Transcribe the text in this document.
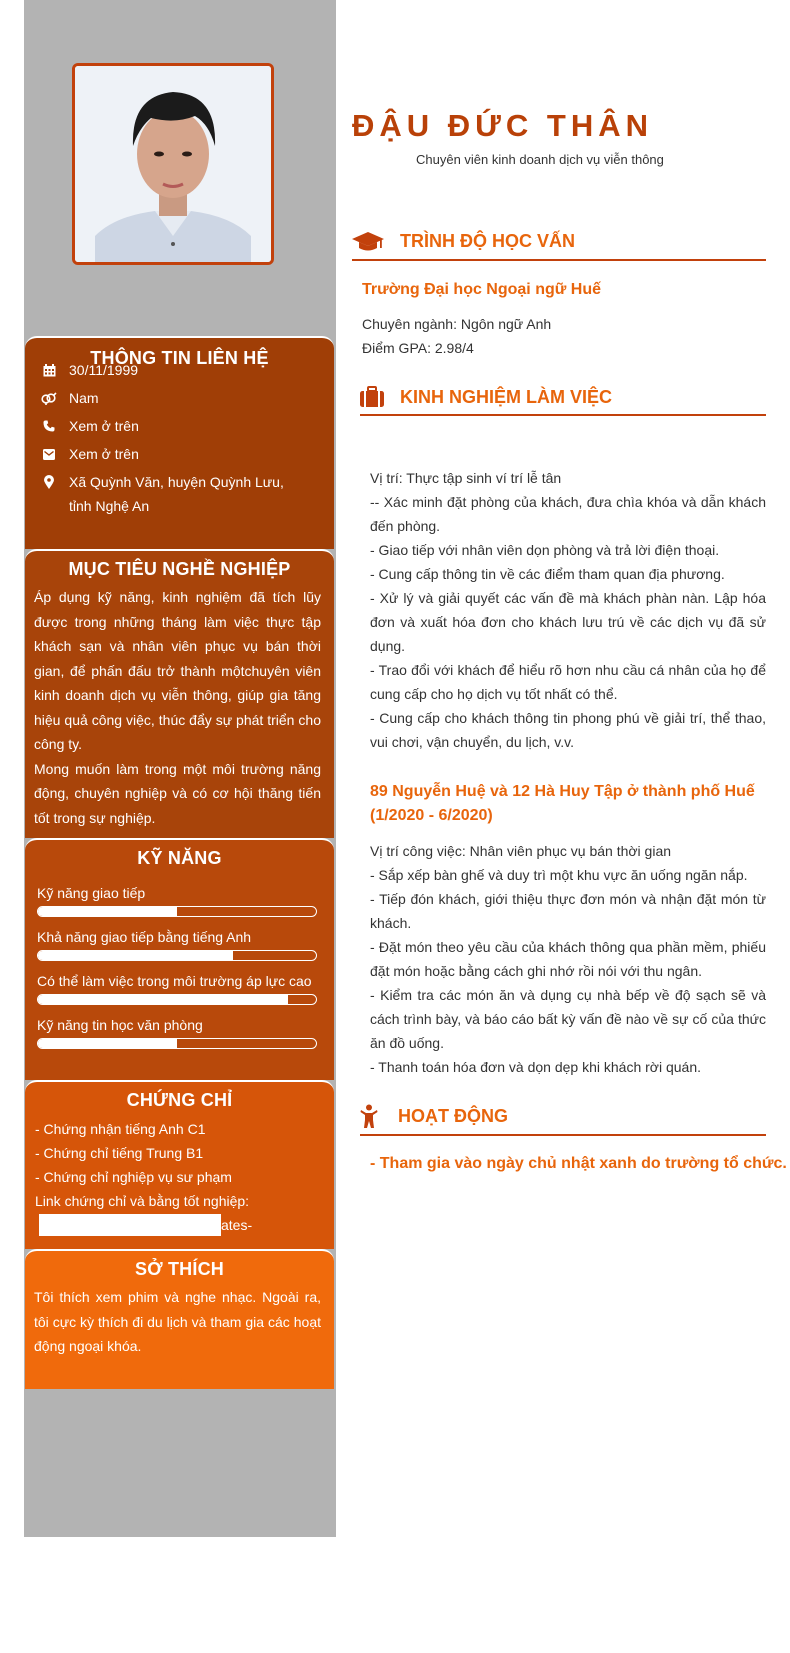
THÔNG TIN LIÊN HỆ
30/11/1999
Nam
Xem ở trên
Xem ở trên
Xã Quỳnh Văn, huyện Quỳnh Lưu,
tỉnh Nghệ An
MỤC TIÊU NGHỀ NGHIỆP
Áp dụng kỹ năng, kinh nghiệm đã tích lũy được trong những tháng làm việc thực tập khách sạn và nhân viên phục vụ bán thời gian, để phấn đấu trở thành mộtchuyên viên kinh doanh dịch vụ viễn thông, giúp gia tăng hiệu quả công việc, thúc đẩy sự phát triển cho công ty.
Mong muốn làm trong một môi trường năng động, chuyên nghiệp và có cơ hội thăng tiến tốt trong sự nghiệp.
KỸ NĂNG
Kỹ năng giao tiếp
Khả năng giao tiếp bằng tiếng Anh
Có thể làm việc trong môi trường áp lực cao
Kỹ năng tin học văn phòng
CHỨNG CHỈ
- Chứng nhận tiếng Anh C1
- Chứng chỉ tiếng Trung B1
- Chứng chỉ nghiệp vụ sư phạm
Link chứng chỉ và bằng tốt nghiệp:
ates-
SỞ THÍCH
Tôi thích xem phim và nghe nhạc. Ngoài ra, tôi cực kỳ thích đi du lịch và tham gia các hoạt động ngoại khóa.
ĐẬU ĐỨC THÂN
Chuyên viên kinh doanh dịch vụ viễn thông
TRÌNH ĐỘ HỌC VẤN
Trường Đại học Ngoại ngữ Huế
Chuyên ngành: Ngôn ngữ Anh
Điểm GPA: 2.98/4
KINH NGHIỆM LÀM VIỆC
Vị trí: Thực tập sinh ví trí lễ tân
-- Xác minh đặt phòng của khách, đưa chìa khóa và dẫn khách đến phòng.
- Giao tiếp với nhân viên dọn phòng và trả lời điện thoại.
- Cung cấp thông tin về các điểm tham quan địa phương.
- Xử lý và giải quyết các vấn đề mà khách phàn nàn. Lập hóa đơn và xuất hóa đơn cho khách lưu trú về các dịch vụ đã sử dụng.
- Trao đổi với khách để hiểu rõ hơn nhu cầu cá nhân của họ để cung cấp cho họ dịch vụ tốt nhất có thể.
- Cung cấp cho khách thông tin phong phú về giải trí, thể thao, vui chơi, vận chuyển, du lịch, v.v.
89 Nguyễn Huệ và 12 Hà Huy Tập ở thành phố Huế
(1/2020 - 6/2020)
Vị trí công việc: Nhân viên phục vụ bán thời gian
- Sắp xếp bàn ghế và duy trì một khu vực ăn uống ngăn nắp.
- Tiếp đón khách, giới thiệu thực đơn món và nhận đặt món từ khách.
- Đặt món theo yêu cầu của khách thông qua phần mềm, phiếu đặt món hoặc bằng cách ghi nhớ rồi nói với thu ngân.
- Kiểm tra các món ăn và dụng cụ nhà bếp về độ sạch sẽ và cách trình bày, và báo cáo bất kỳ vấn đề nào về sự cố của thức ăn đồ uống.
- Thanh toán hóa đơn và dọn dẹp khi khách rời quán.
HOẠT ĐỘNG
- Tham gia vào ngày chủ nhật xanh do trường tổ chức.
